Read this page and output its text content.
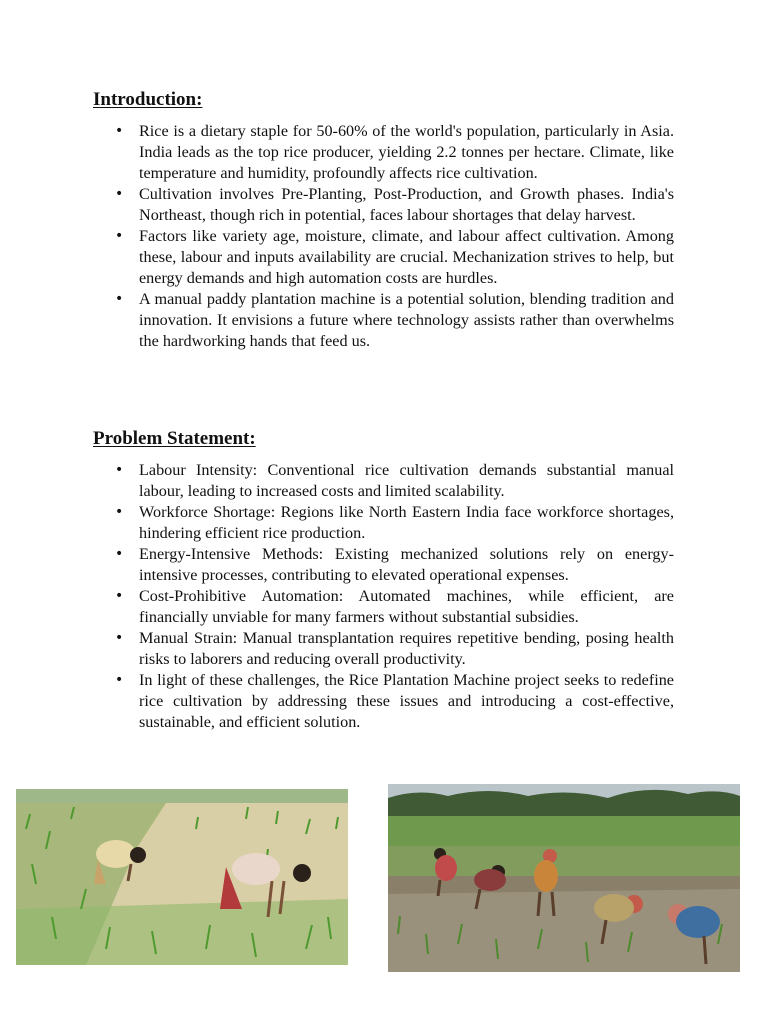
Introduction:
• Rice is a dietary staple for 50-60% of the world's population, particularly in Asia. India leads as the top rice producer, yielding 2.2 tonnes per hectare. Climate, like temperature and humidity, profoundly affects rice cultivation.
• Cultivation involves Pre-Planting, Post-Production, and Growth phases. India's Northeast, though rich in potential, faces labour shortages that delay harvest.
• Factors like variety age, moisture, climate, and labour affect cultivation. Among these, labour and inputs availability are crucial. Mechanization strives to help, but energy demands and high automation costs are hurdles.
• A manual paddy plantation machine is a potential solution, blending tradition and innovation. It envisions a future where technology assists rather than overwhelms the hardworking hands that feed us.
Problem Statement:
• Labour Intensity: Conventional rice cultivation demands substantial manual labour, leading to increased costs and limited scalability.
• Workforce Shortage: Regions like North Eastern India face workforce shortages, hindering efficient rice production.
• Energy-Intensive Methods: Existing mechanized solutions rely on energy-intensive processes, contributing to elevated operational expenses.
• Cost-Prohibitive Automation: Automated machines, while efficient, are financially unviable for many farmers without substantial subsidies.
• Manual Strain: Manual transplantation requires repetitive bending, posing health risks to laborers and reducing overall productivity.
• In light of these challenges, the Rice Plantation Machine project seeks to redefine rice cultivation by addressing these issues and introducing a cost-effective, sustainable, and efficient solution.
